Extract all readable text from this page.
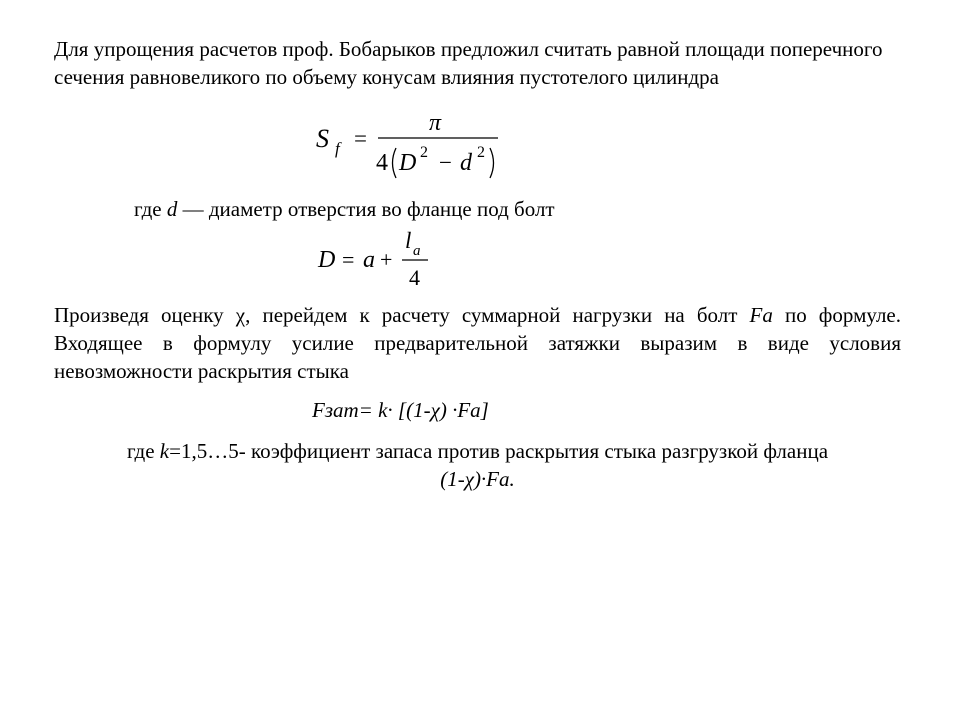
Для упрощения расчетов проф. Бобарыков предложил считать равной площади поперечного сечения равновеликого по объему конусам влияния пустотелого цилиндра

S f =
π
4 D 2 − d 2

где d — диаметр отверстия во фланце под болт

D = a +
l a
4

Произведя оценку χ, перейдем к расчету суммарной нагрузки на болт Fa по формуле. Входящее в формулу усилие предварительной затяжки выразим в виде условия невозможности раскрытия стыка

Fзат= k· [(1-χ) ·Fa]

где k=1,5…5- коэффициент запаса против раскрытия стыка разгрузкой фланца
(1-χ)·Fa.
